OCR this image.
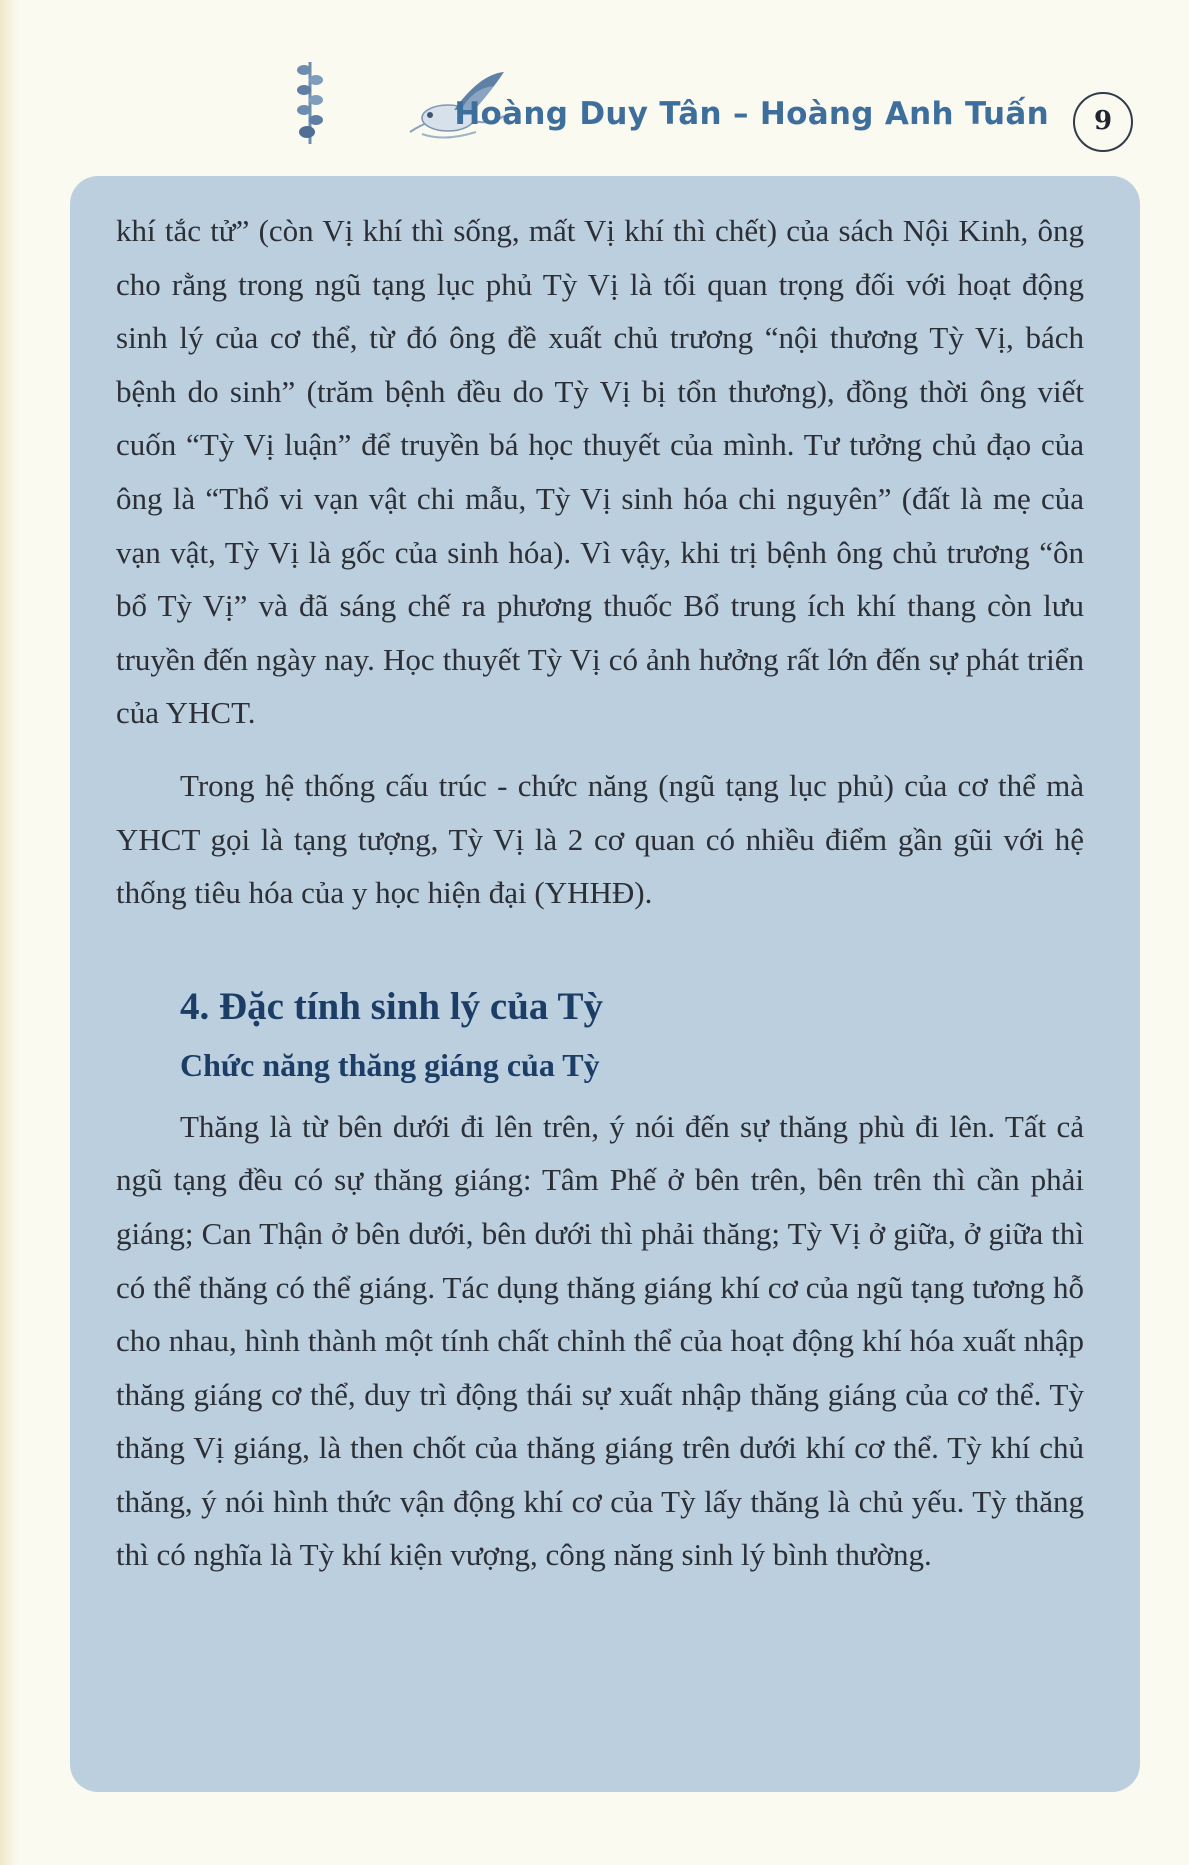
Hoàng Duy Tân – Hoàng Anh Tuấn	9

khí tắc tử” (còn Vị khí thì sống, mất Vị khí thì chết) của sách Nội Kinh, ông cho rằng trong ngũ tạng lục phủ Tỳ Vị là tối quan trọng đối với hoạt động sinh lý của cơ thể, từ đó ông đề xuất chủ trương “nội thương Tỳ Vị, bách bệnh do sinh” (trăm bệnh đều do Tỳ Vị bị tổn thương), đồng thời ông viết cuốn “Tỳ Vị luận” để truyền bá học thuyết của mình. Tư tưởng chủ đạo của ông là “Thổ vi vạn vật chi mẫu, Tỳ Vị sinh hóa chi nguyên” (đất là mẹ của vạn vật, Tỳ Vị là gốc của sinh hóa). Vì vậy, khi trị bệnh ông chủ trương “ôn bổ Tỳ Vị” và đã sáng chế ra phương thuốc Bổ trung ích khí thang còn lưu truyền đến ngày nay. Học thuyết Tỳ Vị có ảnh hưởng rất lớn đến sự phát triển của YHCT.

Trong hệ thống cấu trúc - chức năng (ngũ tạng lục phủ) của cơ thể mà YHCT gọi là tạng tượng, Tỳ Vị là 2 cơ quan có nhiều điểm gần gũi với hệ thống tiêu hóa của y học hiện đại (YHHĐ).

4. Đặc tính sinh lý của Tỳ
Chức năng thăng giáng của Tỳ

Thăng là từ bên dưới đi lên trên, ý nói đến sự thăng phù đi lên. Tất cả ngũ tạng đều có sự thăng giáng: Tâm Phế ở bên trên, bên trên thì cần phải giáng; Can Thận ở bên dưới, bên dưới thì phải thăng; Tỳ Vị ở giữa, ở giữa thì có thể thăng có thể giáng. Tác dụng thăng giáng khí cơ của ngũ tạng tương hỗ cho nhau, hình thành một tính chất chỉnh thể của hoạt động khí hóa xuất nhập thăng giáng cơ thể, duy trì động thái sự xuất nhập thăng giáng của cơ thể. Tỳ thăng Vị giáng, là then chốt của thăng giáng trên dưới khí cơ thể. Tỳ khí chủ thăng, ý nói hình thức vận động khí cơ của Tỳ lấy thăng là chủ yếu. Tỳ thăng thì có nghĩa là Tỳ khí kiện vượng, công năng sinh lý bình thường.
